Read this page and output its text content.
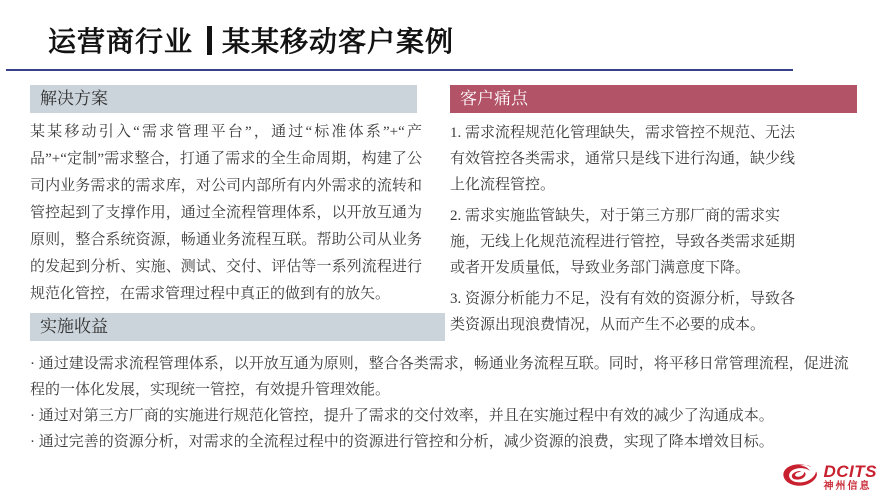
运营商行业 某某移动客户案例
解决方案
某某移动引入“需求管理平台”，通过“标准体系”+“产品”+“定制”需求整合，打通了需求的全生命周期，构建了公司内业务需求的需求库，对公司内部所有内外需求的流转和管控起到了支撑作用，通过全流程管理体系，以开放互通为原则，整合系统资源，畅通业务流程互联。帮助公司从业务的发起到分析、实施、测试、交付、评估等一系列流程进行规范化管控，在需求管理过程中真正的做到有的放矢。
客户痛点

1. 需求流程规范化管理缺失，需求管控不规范、无法有效管控各类需求，通常只是线下进行沟通，缺少线上化流程管控。

2. 需求实施监管缺失，对于第三方那厂商的需求实施，无线上化规范流程进行管控，导致各类需求延期或者开发质量低，导致业务部门满意度下降。

3. 资源分析能力不足，没有有效的资源分析，导致各类资源出现浪费情况，从而产生不必要的成本。

实施收益

· 通过建设需求流程管理体系，以开放互通为原则，整合各类需求，畅通业务流程互联。同时，将平移日常管理流程，促进流程的一体化发展，实现统一管控，有效提升管理效能。

· 通过对第三方厂商的实施进行规范化管控，提升了需求的交付效率，并且在实施过程中有效的减少了沟通成本。

· 通过完善的资源分析，对需求的全流程过程中的资源进行管控和分析，减少资源的浪费，实现了降本增效目标。

DCITS
神州信息
